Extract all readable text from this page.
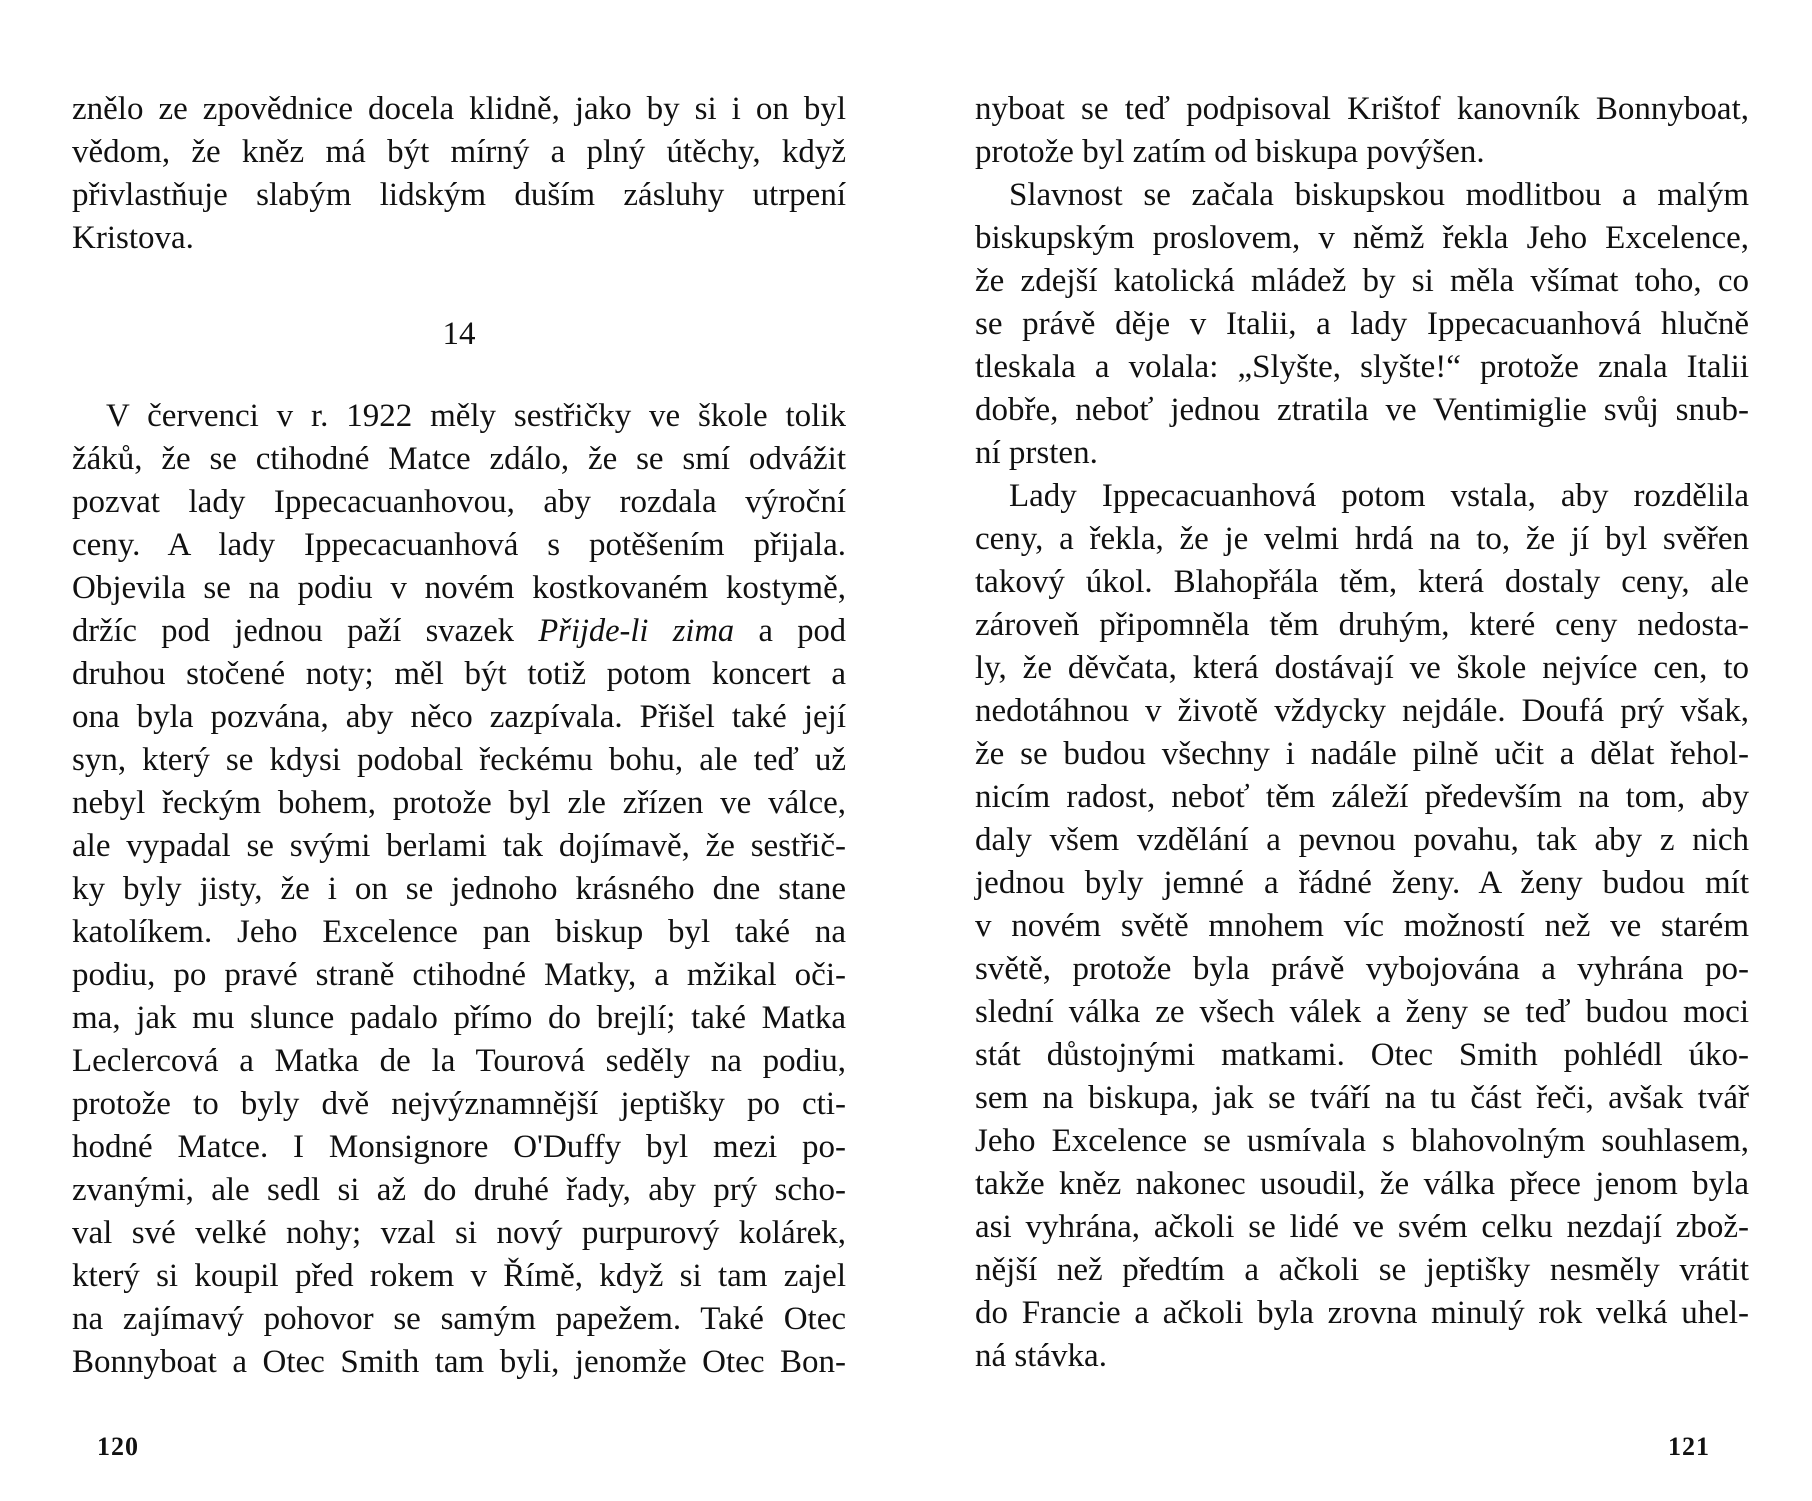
znělo ze zpovědnice docela klidně, jako by si i on byl
vědom, že kněz má být mírný a plný útěchy, když
přivlastňuje slabým lidským duším zásluhy utrpení
Kristova.
14
V červenci v r. 1922 měly sestřičky ve škole tolik
žáků, že se ctihodné Matce zdálo, že se smí odvážit
pozvat lady Ippecacuanhovou, aby rozdala výroční
ceny. A lady Ippecacuanhová s potěšením přijala.
Objevila se na podiu v novém kostkovaném kostymě,
držíc pod jednou paží svazek Přijde-li zima a pod
druhou stočené noty; měl být totiž potom koncert a
ona byla pozvána, aby něco zazpívala. Přišel také její
syn, který se kdysi podobal řeckému bohu, ale teď už
nebyl řeckým bohem, protože byl zle zřízen ve válce,
ale vypadal se svými berlami tak dojímavě, že sestřič-
ky byly jisty, že i on se jednoho krásného dne stane
katolíkem. Jeho Excelence pan biskup byl také na
podiu, po pravé straně ctihodné Matky, a mžikal oči-
ma, jak mu slunce padalo přímo do brejlí; také Matka
Leclercová a Matka de la Tourová seděly na podiu,
protože to byly dvě nejvýznamnější jeptišky po cti-
hodné Matce. I Monsignore O'Duffy byl mezi po-
zvanými, ale sedl si až do druhé řady, aby prý scho-
val své velké nohy; vzal si nový purpurový kolárek,
který si koupil před rokem v Římě, když si tam zajel
na zajímavý pohovor se samým papežem. Také Otec
Bonnyboat a Otec Smith tam byli, jenomže Otec Bon-
nyboat se teď podpisoval Krištof kanovník Bonnyboat,
protože byl zatím od biskupa povýšen.
Slavnost se začala biskupskou modlitbou a malým
biskupským proslovem, v němž řekla Jeho Excelence,
že zdejší katolická mládež by si měla všímat toho, co
se právě děje v Italii, a lady Ippecacuanhová hlučně
tleskala a volala: „Slyšte, slyšte!“ protože znala Italii
dobře, neboť jednou ztratila ve Ventimiglie svůj snub-
ní prsten.
Lady Ippecacuanhová potom vstala, aby rozdělila
ceny, a řekla, že je velmi hrdá na to, že jí byl svěřen
takový úkol. Blahopřála těm, která dostaly ceny, ale
zároveň připomněla těm druhým, které ceny nedosta-
ly, že děvčata, která dostávají ve škole nejvíce cen, to
nedotáhnou v životě vždycky nejdále. Doufá prý však,
že se budou všechny i nadále pilně učit a dělat řehol-
nicím radost, neboť těm záleží především na tom, aby
daly všem vzdělání a pevnou povahu, tak aby z nich
jednou byly jemné a řádné ženy. A ženy budou mít
v novém světě mnohem víc možností než ve starém
světě, protože byla právě vybojována a vyhrána po-
slední válka ze všech válek a ženy se teď budou moci
stát důstojnými matkami. Otec Smith pohlédl úko-
sem na biskupa, jak se tváří na tu část řeči, avšak tvář
Jeho Excelence se usmívala s blahovolným souhlasem,
takže kněz nakonec usoudil, že válka přece jenom byla
asi vyhrána, ačkoli se lidé ve svém celku nezdají zbož-
nější než předtím a ačkoli se jeptišky nesměly vrátit
do Francie a ačkoli byla zrovna minulý rok velká uhel-
ná stávka.
120	121
